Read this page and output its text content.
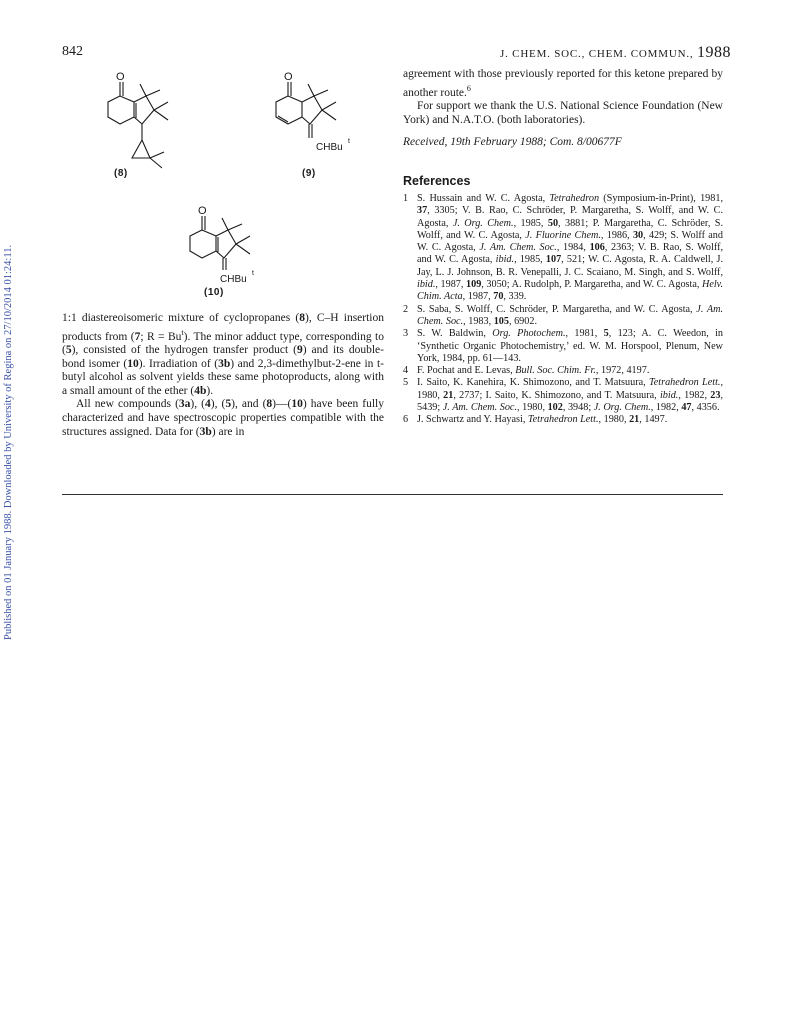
Published on 01 January 1988. Downloaded by University of Regina on 27/10/2014 01:24:11.
842	J. CHEM. SOC., CHEM. COMMUN., 1988
O
(8)
O
CHBu
t
(9)
O
CHBu
t
(10)

1:1 diastereoisomeric mixture of cyclopropanes (8), C–H insertion products from (7; $R = Bu^t$). The minor adduct type, corresponding to (5), consisted of the hydrogen transfer product (9) and its double-bond isomer (10). Irradiation of (3b) and 2,3-dimethylbut-2-ene in t-butyl alcohol as solvent yields these same photoproducts, along with a small amount of the ether (4b).

All new compounds (3a), (4), (5), and (8)—(10) have been fully characterized and have spectroscopic properties compatible with the structures assigned. Data for (3b) are in

agreement with those previously reported for this ketone prepared by another route.$^6$

For support we thank the U.S. National Science Foundation (New York) and N.A.T.O. (both laboratories).

Received, 19th February 1988; Com. 8/00677F
References
1 S. Hussain and W. C. Agosta, Tetrahedron (Symposium-in-Print), 1981, 37, 3305; V. B. Rao, C. Schröder, P. Margaretha, S. Wolff, and W. C. Agosta, J. Org. Chem., 1985, 50, 3881; P. Margaretha, C. Schröder, S. Wolff, and W. C. Agosta, J. Fluorine Chem., 1986, 30, 429; S. Wolff and W. C. Agosta, J. Am. Chem. Soc., 1984, 106, 2363; V. B. Rao, S. Wolff, and W. C. Agosta, ibid., 1985, 107, 521; W. C. Agosta, R. A. Caldwell, J. Jay, L. J. Johnson, B. R. Venepalli, J. C. Scaiano, M. Singh, and S. Wolff, ibid., 1987, 109, 3050; A. Rudolph, P. Margaretha, and W. C. Agosta, Helv. Chim. Acta, 1987, 70, 339.
2 S. Saba, S. Wolff, C. Schröder, P. Margaretha, and W. C. Agosta, J. Am. Chem. Soc., 1983, 105, 6902.
3 S. W. Baldwin, Org. Photochem., 1981, 5, 123; A. C. Weedon, in ‘Synthetic Organic Photochemistry,’ ed. W. M. Horspool, Plenum, New York, 1984, pp. 61—143.
4 F. Pochat and E. Levas, Bull. Soc. Chim. Fr., 1972, 4197.
5 I. Saito, K. Kanehira, K. Shimozono, and T. Matsuura, Tetrahedron Lett., 1980, 21, 2737; I. Saito, K. Shimozono, and T. Matsuura, ibid., 1982, 23, 5439; J. Am. Chem. Soc., 1980, 102, 3948; J. Org. Chem., 1982, 47, 4356.
6 J. Schwartz and Y. Hayasi, Tetrahedron Lett., 1980, 21, 1497.
